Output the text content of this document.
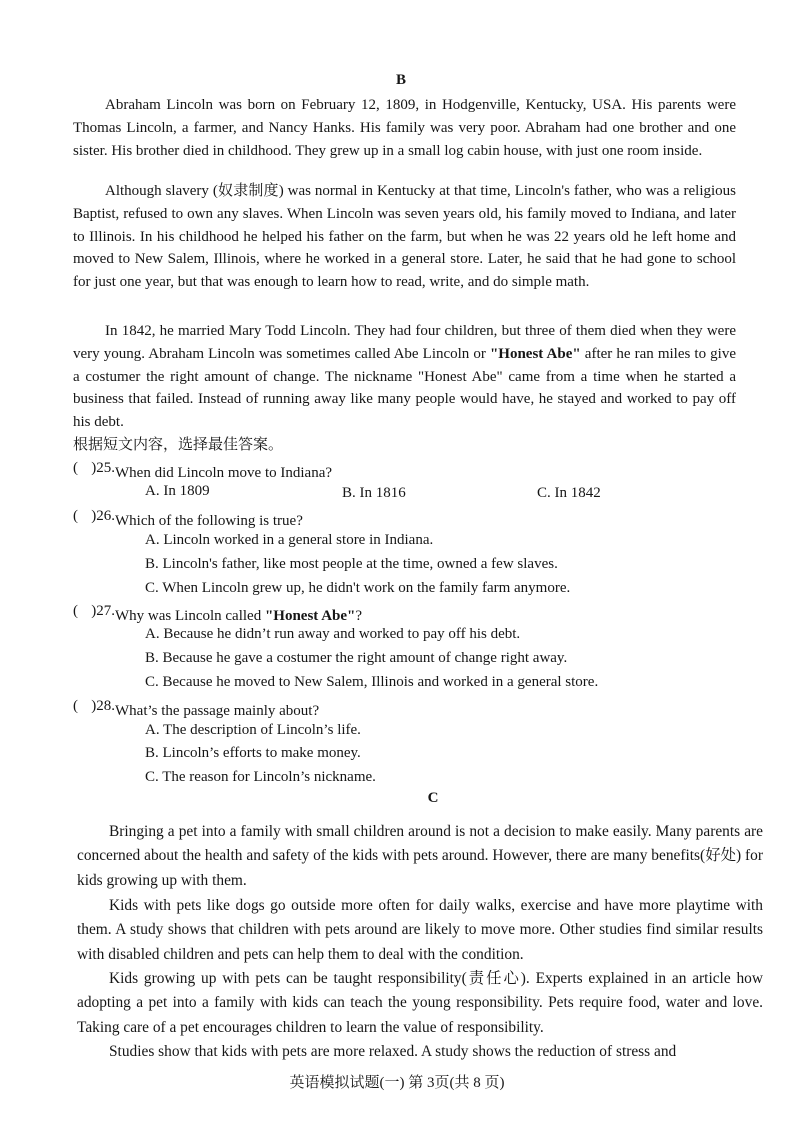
B

Abraham Lincoln was born on February 12, 1809, in Hodgenville, Kentucky, USA. His parents were Thomas Lincoln, a farmer, and Nancy Hanks. His family was very poor. Abraham had one brother and one sister. His brother died in childhood. They grew up in a small log cabin house, with just one room inside.

Although slavery (奴隶制度) was normal in Kentucky at that time, Lincoln's father, who was a religious Baptist, refused to own any slaves. When Lincoln was seven years old, his family moved to Indiana, and later to Illinois. In his childhood he helped his father on the farm, but when he was 22 years old he left home and moved to New Salem, Illinois, where he worked in a general store. Later, he said that he had gone to school for just one year, but that was enough to learn how to read, write, and do simple math.

In 1842, he married Mary Todd Lincoln. They had four children, but three of them died when they were very young. Abraham Lincoln was sometimes called Abe Lincoln or "Honest Abe" after he ran miles to give a costumer the right amount of change. The nickname "Honest Abe" came from a time when he started a business that failed. Instead of running away like many people would have, he stayed and worked to pay off his debt.

根据短文内容，选择最佳答案。
( )25. When did Lincoln move to Indiana?
A. In 1809	B. In 1816	C. In 1842
( )26. Which of the following is true?
A. Lincoln worked in a general store in Indiana.
B. Lincoln's father, like most people at the time, owned a few slaves.
C. When Lincoln grew up, he didn't work on the family farm anymore.
( )27. Why was Lincoln called "Honest Abe"?
A. Because he didn’t run away and worked to pay off his debt.
B. Because he gave a costumer the right amount of change right away.
C. Because he moved to New Salem, Illinois and worked in a general store.
( )28. What’s the passage mainly about?
A. The description of Lincoln’s life.
B. Lincoln’s efforts to make money.
C. The reason for Lincoln’s nickname.
C

Bringing a pet into a family with small children around is not a decision to make easily. Many parents are concerned about the health and safety of the kids with pets around. However, there are many benefits(好处) for kids growing up with them.

Kids with pets like dogs go outside more often for daily walks, exercise and have more playtime with them. A study shows that children with pets around are likely to move more. Other studies find similar results with disabled children and pets can help them to deal with the condition.

Kids growing up with pets can be taught responsibility(责任心). Experts explained in an article how adopting a pet into a family with kids can teach the young responsibility. Pets require food, water and love. Taking care of a pet encourages children to learn the value of responsibility.

Studies show that kids with pets are more relaxed. A study shows the reduction of stress and

英语模拟试题(一) 第 3页(共 8 页)
